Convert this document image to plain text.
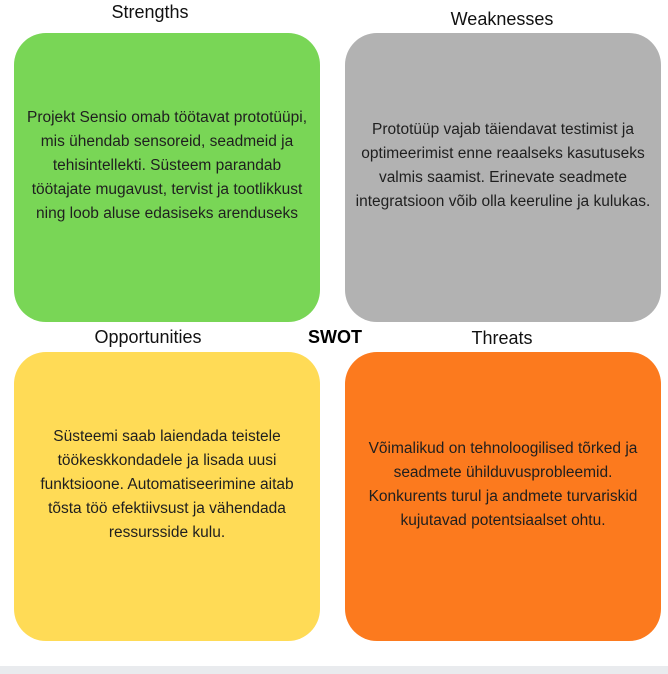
Strengths	Weaknesses
Projekt Sensio omab töötavat prototüüpi, mis ühendab sensoreid, seadmeid ja tehisintellekti. Süsteem parandab töötajate mugavust, tervist ja tootlikkust ning loob aluse edasiseks arenduseks
Prototüüp vajab täiendavat testimist ja optimeerimist enne reaalseks kasutuseks valmis saamist. Erinevate seadmete integratsioon võib olla keeruline ja kulukas.
Opportunities	SWOT	Threats
Süsteemi saab laiendada teistele töökeskkondadele ja lisada uusi funktsioone. Automatiseerimine aitab tõsta töö efektiivsust ja vähendada ressursside kulu.
Võimalikud on tehnoloogilised tõrked ja seadmete ühilduvusprobleemid. Konkurents turul ja andmete turvariskid kujutavad potentsiaalset ohtu.
